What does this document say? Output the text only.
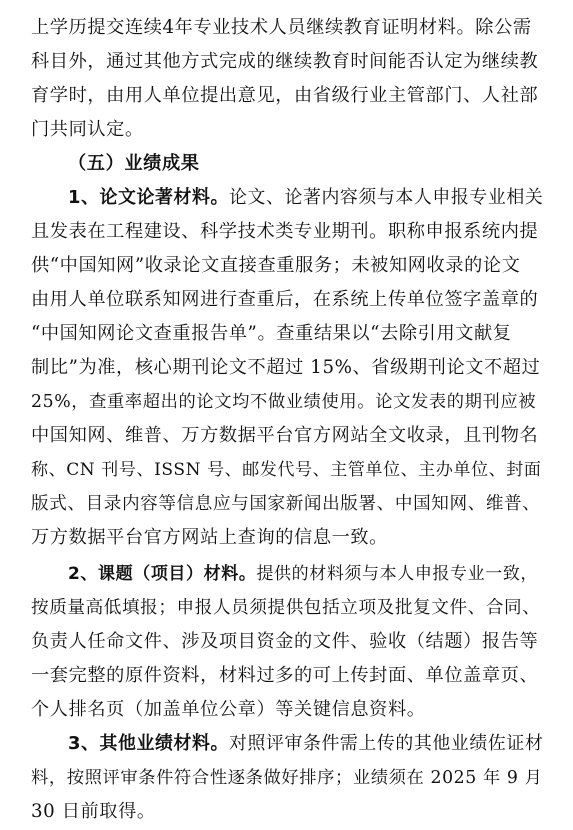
上学历提交连续4年专业技术人员继续教育证明材料。除公需
科目外，通过其他方式完成的继续教育时间能否认定为继续教
育学时，由用人单位提出意见，由省级行业主管部门、人社部
门共同认定。
（五）业绩成果
1、论文论著材料。论文、论著内容须与本人申报专业相关
且发表在工程建设、科学技术类专业期刊。职称申报系统内提
供“中国知网”收录论文直接查重服务；未被知网收录的论文
由用人单位联系知网进行查重后，在系统上传单位签字盖章的
“中国知网论文查重报告单”。查重结果以“去除引用文献复
制比”为准，核心期刊论文不超过 15%、省级期刊论文不超过
25%，查重率超出的论文均不做业绩使用。论文发表的期刊应被
中国知网、维普、万方数据平台官方网站全文收录，且刊物名
称、CN 刊号、ISSN 号、邮发代号、主管单位、主办单位、封面
版式、目录内容等信息应与国家新闻出版署、中国知网、维普、
万方数据平台官方网站上查询的信息一致。
2、课题（项目）材料。提供的材料须与本人申报专业一致，
按质量高低填报；申报人员须提供包括立项及批复文件、合同、
负责人任命文件、涉及项目资金的文件、验收（结题）报告等
一套完整的原件资料，材料过多的可上传封面、单位盖章页、
个人排名页（加盖单位公章）等关键信息资料。
3、其他业绩材料。对照评审条件需上传的其他业绩佐证材
料，按照评审条件符合性逐条做好排序；业绩须在 2025 年 9 月
30 日前取得。
